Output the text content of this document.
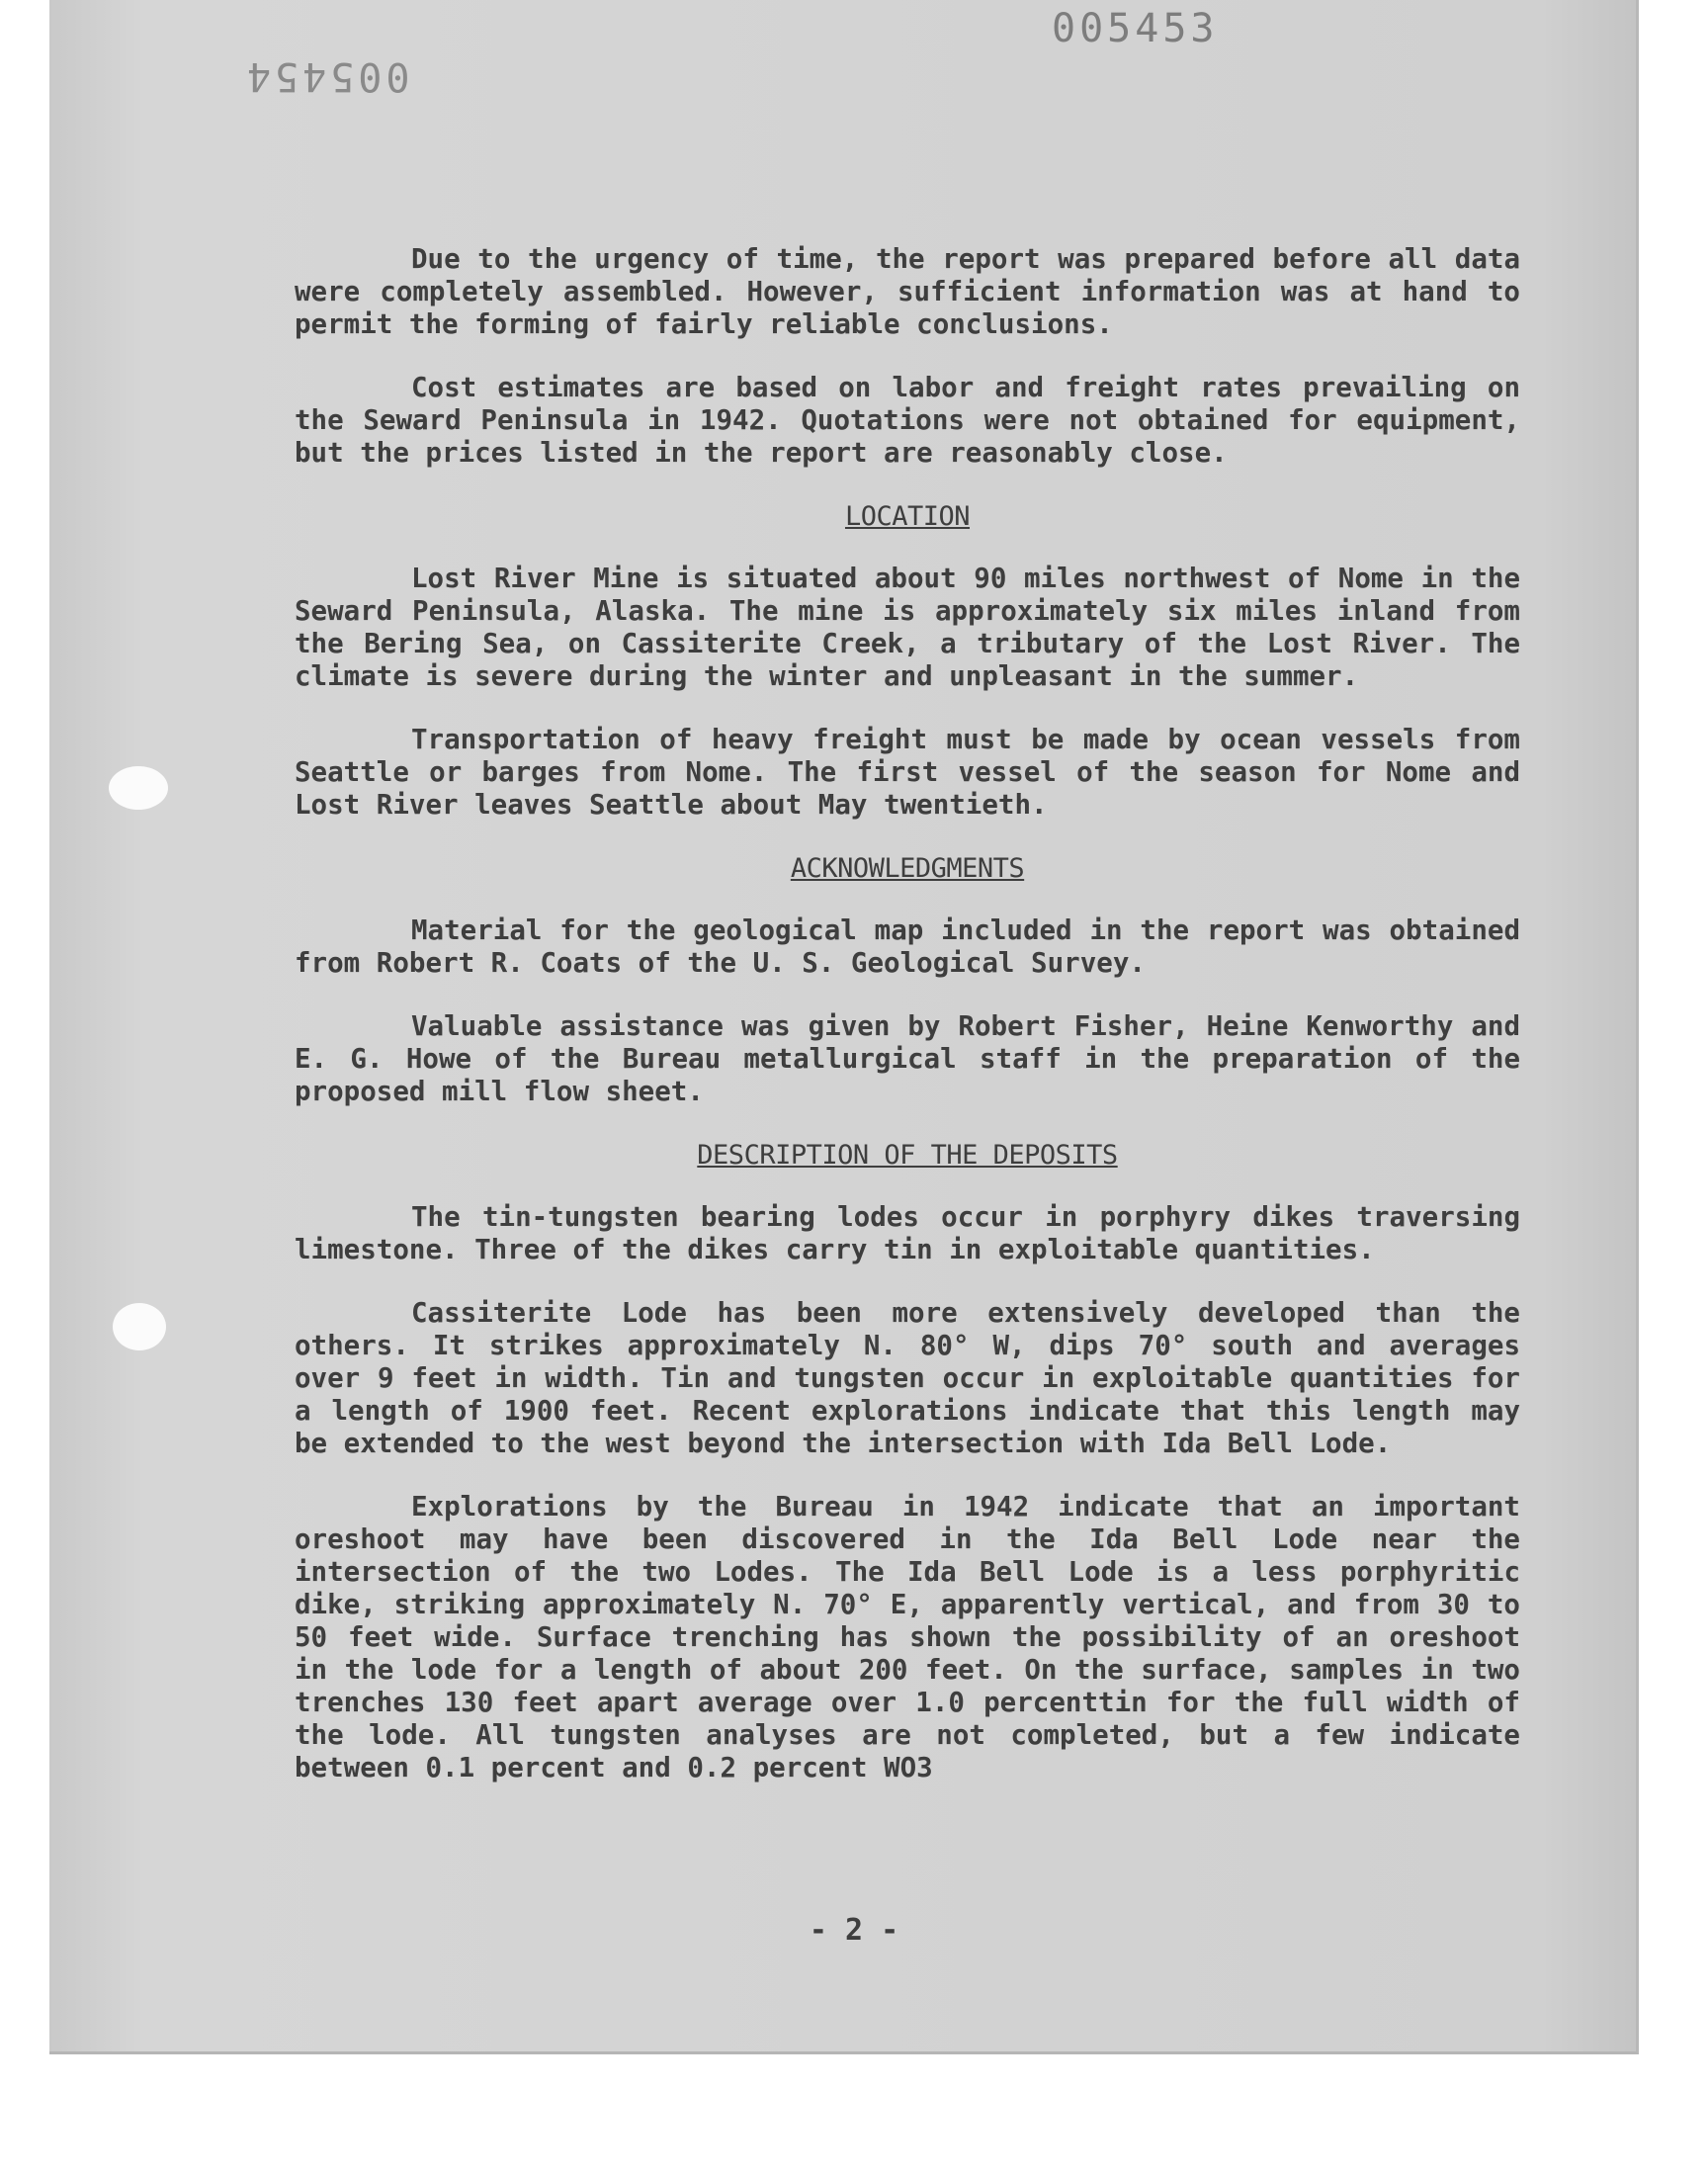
005453
005454

Due to the urgency of time, the report was prepared before all data were completely assembled. However, sufficient information was at hand to permit the forming of fairly reliable conclusions.

Cost estimates are based on labor and freight rates prevailing on the Seward Peninsula in 1942. Quotations were not obtained for equipment, but the prices listed in the report are reasonably close.

LOCATION

Lost River Mine is situated about 90 miles northwest of Nome in the Seward Peninsula, Alaska. The mine is approximately six miles inland from the Bering Sea, on Cassiterite Creek, a tributary of the Lost River. The climate is severe during the winter and unpleasant in the summer.

Transportation of heavy freight must be made by ocean vessels from Seattle or barges from Nome. The first vessel of the season for Nome and Lost River leaves Seattle about May twentieth.

ACKNOWLEDGMENTS

Material for the geological map included in the report was obtained from Robert R. Coats of the U. S. Geological Survey.

Valuable assistance was given by Robert Fisher, Heine Kenworthy and E. G. Howe of the Bureau metallurgical staff in the preparation of the proposed mill flow sheet.

DESCRIPTION OF THE DEPOSITS

The tin-tungsten bearing lodes occur in porphyry dikes traversing limestone. Three of the dikes carry tin in exploitable quantities.

Cassiterite Lode has been more extensively developed than the others. It strikes approximately N. 80° W, dips 70° south and averages over 9 feet in width. Tin and tungsten occur in exploitable quantities for a length of 1900 feet. Recent explorations indicate that this length may be extended to the west beyond the intersection with Ida Bell Lode.

Explorations by the Bureau in 1942 indicate that an important oreshoot may have been discovered in the Ida Bell Lode near the intersection of the two Lodes. The Ida Bell Lode is a less porphyritic dike, striking approximately N. 70° E, apparently vertical, and from 30 to 50 feet wide. Surface trenching has shown the possibility of an oreshoot in the lode for a length of about 200 feet. On the surface, samples in two trenches 130 feet apart average over 1.0 percenttin for the full width of the lode. All tungsten analyses are not completed, but a few indicate between 0.1 percent and 0.2 percent WO3

- 2 -
